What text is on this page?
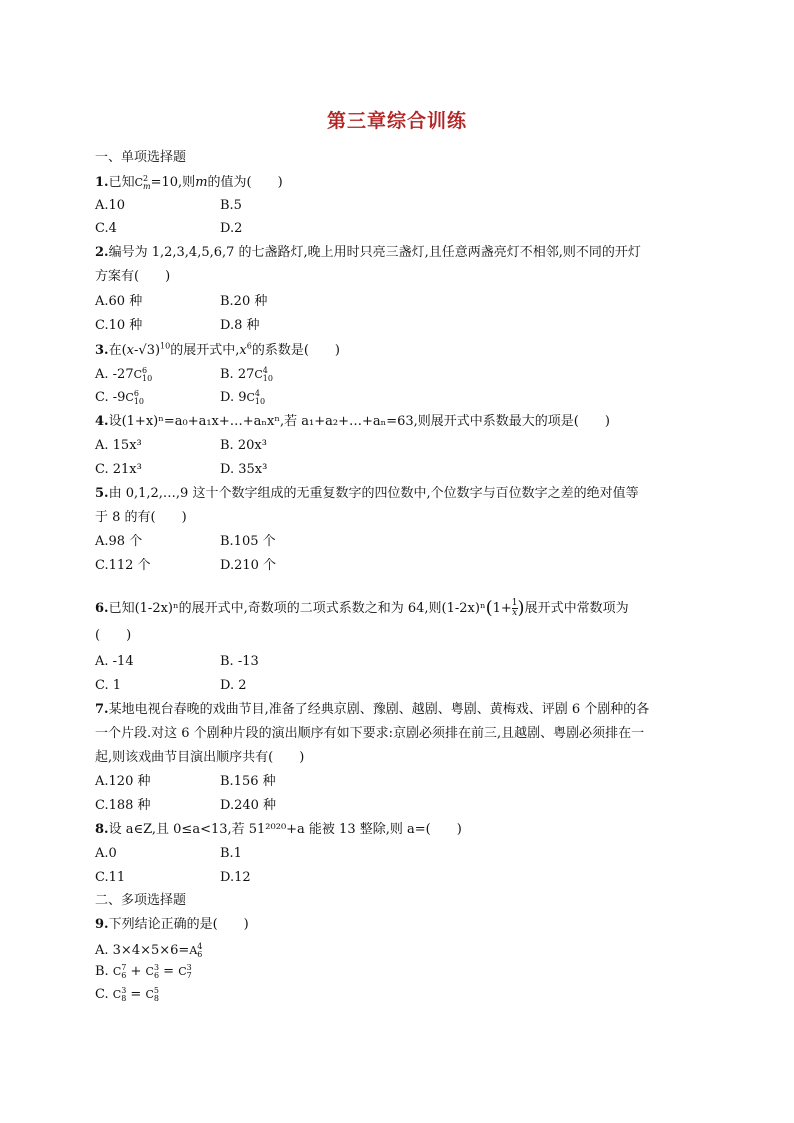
第三章综合训练
一、单项选择题
1.已知C 2
m =10,则m的值为(　　)
A.10	B.5
C.4	D.2
2.编号为 1,2,3,4,5,6,7 的七盏路灯,晚上用时只亮三盏灯,且任意两盏亮灯不相邻,则不同的开灯
方案有(　　)
A.60 种	B.20 种
C.10 种	D.8 种
3.在$(x-√3)^{10}$的展开式中$,x^6$的系数是(　　)
A. -27C 6
10	B. 27C 4
10
C. -9C 6
10	D. 9C 4
10
4.设(1+x)ⁿ=a₀+a₁x+…+aₙxⁿ,若 a₁+a₂+…+aₙ=63,则展开式中系数最大的项是(　　)
A. 15x³	B. 20x³
C. 21x³	D. 35x³
5.由 0,1,2,…,9 这十个数字组成的无重复数字的四位数中,个位数字与百位数字之差的绝对值等
于 8 的有(　　)
A.98 个	B.105 个
C.112 个	D.210 个
6.已知(1-2x)ⁿ的展开式中,奇数项的二项式系数之和为 64,则$(1-2x)^n(1+ \frac{1}{x}$ )展开式中常数项为
(　　)
A. -14	B. -13
C. 1	D. 2
7.某地电视台春晚的戏曲节目,准备了经典京剧、豫剧、越剧、粤剧、黄梅戏、评剧 6 个剧种的各
一个片段.对这 6 个剧种片段的演出顺序有如下要求:京剧必须排在前三,且越剧、粤剧必须排在一
起,则该戏曲节目演出顺序共有(　　)
A.120 种	B.156 种
C.188 种	D.240 种
8.设 a∈Z,且 0≤a<13,若 51²⁰²⁰+a 能被 13 整除,则 a=(　　)
A.0	B.1
C.11	D.12
二、多项选择题
9.下列结论正确的是(　　)
A. 3×4×5×6=A 4
6
B. C 7
6 + C 3
6 = C 3
7
C. C 3
8 = C 5
8
